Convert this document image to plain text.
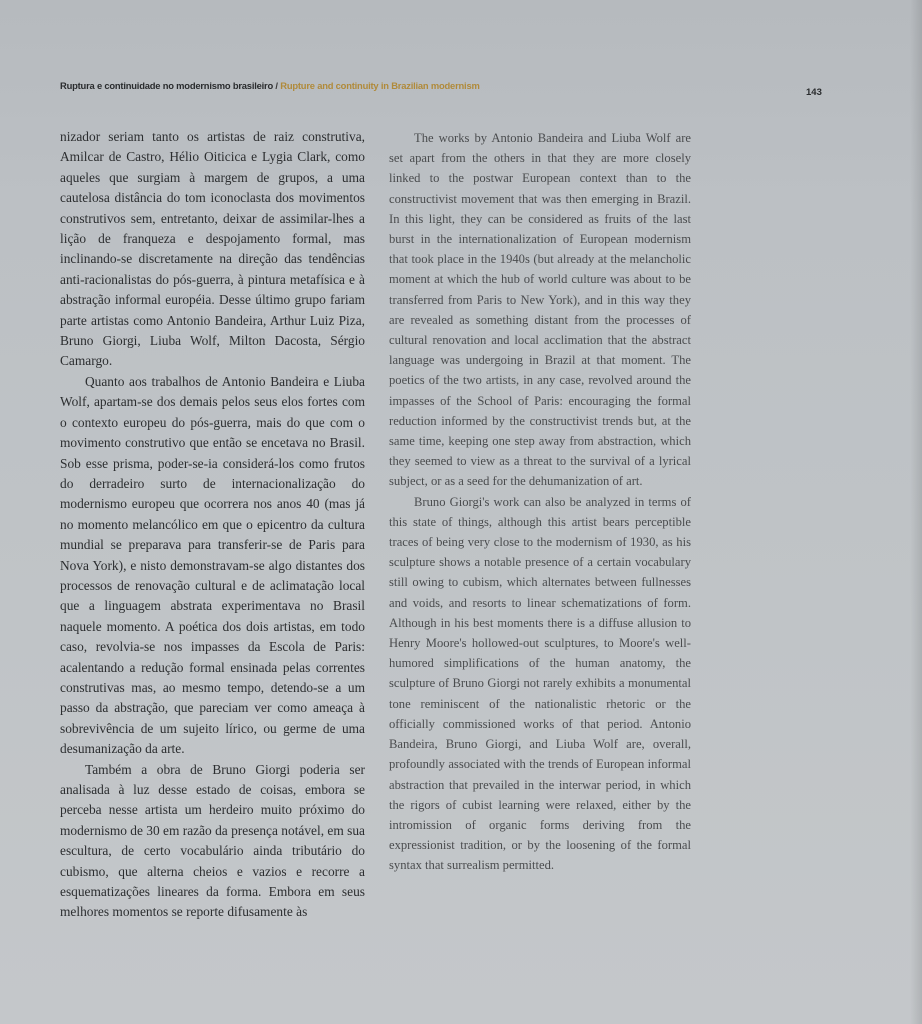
Ruptura e continuidade no modernismo brasileiro / Rupture and continuity in Brazilian modernism
143

nizador seriam tanto os artistas de raiz construtiva, Amilcar de Castro, Hélio Oiticica e Lygia Clark, como aqueles que surgiam à margem de grupos, a uma cautelosa distância do tom iconoclasta dos movimentos construtivos sem, entretanto, deixar de assimilar-lhes a lição de franqueza e despojamento formal, mas inclinando-se discretamente na direção das tendências anti-racionalistas do pós-guerra, à pintura metafísica e à abstração informal européia. Desse último grupo fariam parte artistas como Antonio Bandeira, Arthur Luiz Piza, Bruno Giorgi, Liuba Wolf, Milton Dacosta, Sérgio Camargo.

Quanto aos trabalhos de Antonio Bandeira e Liuba Wolf, apartam-se dos demais pelos seus elos fortes com o contexto europeu do pós-guerra, mais do que com o movimento construtivo que então se encetava no Brasil. Sob esse prisma, poder-se-ia considerá-los como frutos do derradeiro surto de internacionalização do modernismo europeu que ocorrera nos anos 40 (mas já no momento melancólico em que o epicentro da cultura mundial se preparava para transferir-se de Paris para Nova York), e nisto demonstravam-se algo distantes dos processos de renovação cultural e de aclimatação local que a linguagem abstrata experimentava no Brasil naquele momento. A poética dos dois artistas, em todo caso, revolvia-se nos impasses da Escola de Paris: acalentando a redução formal ensinada pelas correntes construtivas mas, ao mesmo tempo, detendo-se a um passo da abstração, que pareciam ver como ameaça à sobrevivência de um sujeito lírico, ou germe de uma desumanização da arte.

Também a obra de Bruno Giorgi poderia ser analisada à luz desse estado de coisas, embora se perceba nesse artista um herdeiro muito próximo do modernismo de 30 em razão da presença notável, em sua escultura, de certo vocabulário ainda tributário do cubismo, que alterna cheios e vazios e recorre a esquematizações lineares da forma. Embora em seus melhores momentos se reporte difusamente às

The works by Antonio Bandeira and Liuba Wolf are set apart from the others in that they are more closely linked to the postwar European context than to the constructivist movement that was then emerging in Brazil. In this light, they can be considered as fruits of the last burst in the internationalization of European modernism that took place in the 1940s (but already at the melancholic moment at which the hub of world culture was about to be transferred from Paris to New York), and in this way they are revealed as something distant from the processes of cultural renovation and local acclimation that the abstract language was undergoing in Brazil at that moment. The poetics of the two artists, in any case, revolved around the impasses of the School of Paris: encouraging the formal reduction informed by the constructivist trends but, at the same time, keeping one step away from abstraction, which they seemed to view as a threat to the survival of a lyrical subject, or as a seed for the dehumanization of art.

Bruno Giorgi's work can also be analyzed in terms of this state of things, although this artist bears perceptible traces of being very close to the modernism of 1930, as his sculpture shows a notable presence of a certain vocabulary still owing to cubism, which alternates between fullnesses and voids, and resorts to linear schematizations of form. Although in his best moments there is a diffuse allusion to Henry Moore's hollowed-out sculptures, to Moore's well-humored simplifications of the human anatomy, the sculpture of Bruno Giorgi not rarely exhibits a monumental tone reminiscent of the nationalistic rhetoric or the officially commissioned works of that period. Antonio Bandeira, Bruno Giorgi, and Liuba Wolf are, overall, profoundly associated with the trends of European informal abstraction that prevailed in the interwar period, in which the rigors of cubist learning were relaxed, either by the intromission of organic forms deriving from the expressionist tradition, or by the loosening of the formal syntax that surrealism permitted.
